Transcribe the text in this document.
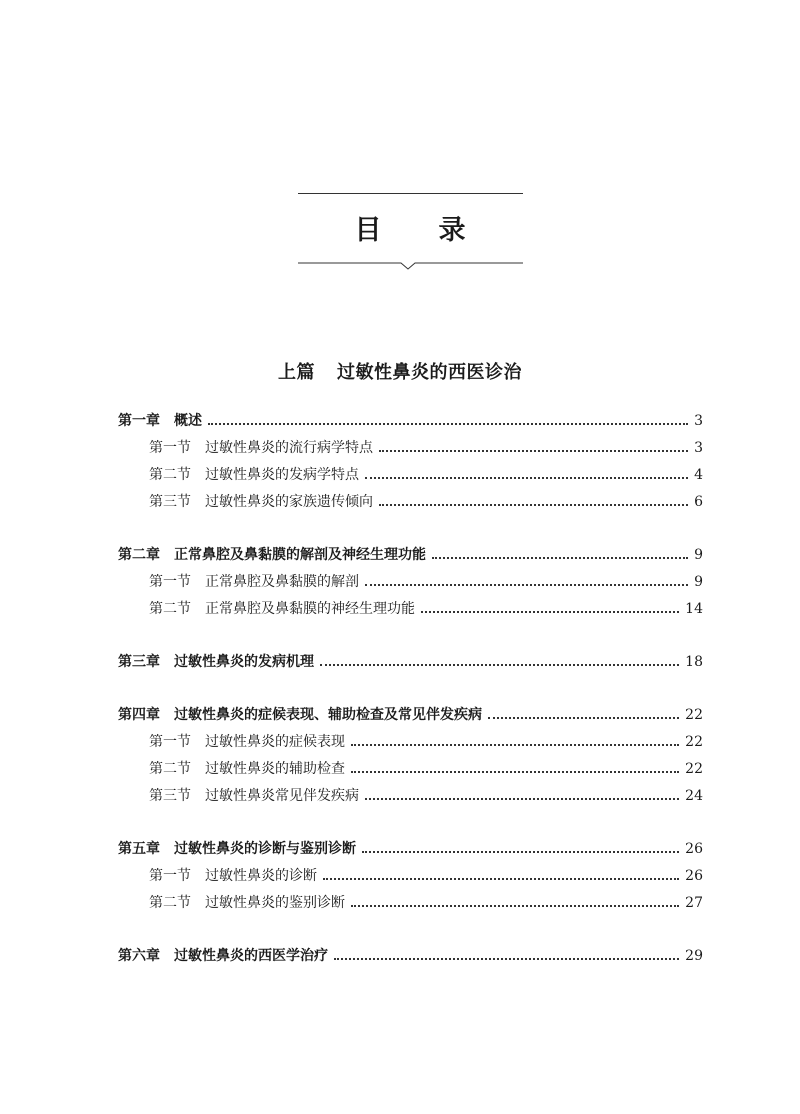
目 录
上篇 过敏性鼻炎的西医诊治
第一章 概述	3
第一节 过敏性鼻炎的流行病学特点	3
第二节 过敏性鼻炎的发病学特点	4
第三节 过敏性鼻炎的家族遗传倾向	6
第二章 正常鼻腔及鼻黏膜的解剖及神经生理功能	9
第一节 正常鼻腔及鼻黏膜的解剖	9
第二节 正常鼻腔及鼻黏膜的神经生理功能	14
第三章 过敏性鼻炎的发病机理	18
第四章 过敏性鼻炎的症候表现、辅助检查及常见伴发疾病	22
第一节 过敏性鼻炎的症候表现	22
第二节 过敏性鼻炎的辅助检查	22
第三节 过敏性鼻炎常见伴发疾病	24
第五章 过敏性鼻炎的诊断与鉴别诊断	26
第一节 过敏性鼻炎的诊断	26
第二节 过敏性鼻炎的鉴别诊断	27
第六章 过敏性鼻炎的西医学治疗	29
